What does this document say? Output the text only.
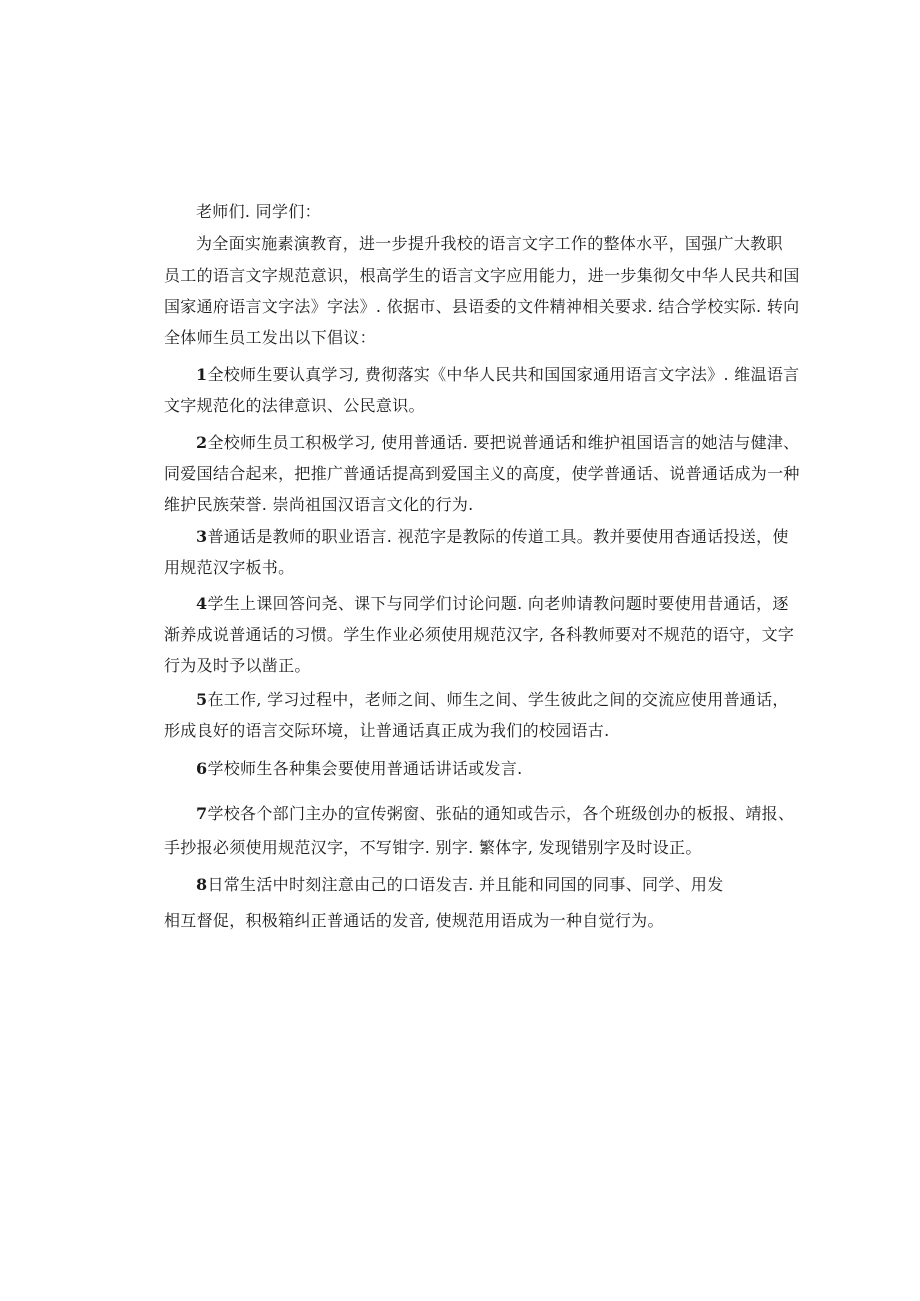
老师们. 同学们：
为全面实施素演教育，进一步提升我校的语言文字工作的整体水平，国强广大教职
员工的语言文字规范意识，根高学生的语言文字应用能力，进一步集彻攵中华人民共和国
国家通府语言文字法》字法》. 依据市、县语委的文件精神相关要求. 结合学校实际. 转向
全体师生员工发出以下倡议：
1全校师生要认真学习, 费彻落实《中华人民共和国国家通用语言文字法》. 维温语言
文字规范化的法律意识、公民意识。
2全校师生员工积极学习, 使用普通话. 要把说普通话和维护祖国语言的她洁与健津、
同爱国结合起来，把推广普通话提高到爱国主义的高度，使学普通话、说普通话成为一种
维护民族荣誉. 崇尚祖国汉语言文化的行为.
3普通话是教师的职业语言. 视范字是教际的传道工具。教并要使用杳通话投送，使
用规范汉字板书。
4学生上课回答问尧、课下与同学们讨论问题. 向老帅请教问题时要使用昔通话，逐
渐养成说普通话的习惯。学生作业必须使用规范汉字, 各科教师要对不规范的语守，文字
行为及时予以凿正。
5在工作, 学习过程中，老师之间、师生之间、学生彼此之间的交流应使用普通话，
形成良好的语言交际环境，让普通话真正成为我们的校园语古.
6学校师生各种集会要使用普通话讲话或发言.
7学校各个部门主办的宣传粥窗、张砧的通知或告示，各个班级创办的板报、靖报、
手抄报必须使用规范汉字，不写钳字. 别字. 繁体字, 发现错别字及时设正。
8日常生活中时刻注意由己的口语发吉. 并且能和同国的同事、同学、用发
相互督促，积极箱纠正普通话的发音, 使规范用语成为一种自觉行为。
